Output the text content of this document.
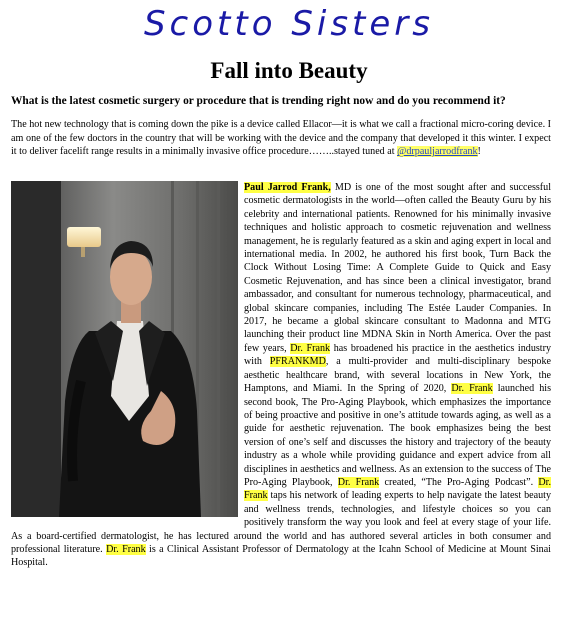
Scotto Sisters
Fall into Beauty
What is the latest cosmetic surgery or procedure that is trending right now and do you recommend it?
The hot new technology that is coming down the pike is a device called Ellacor—it is what we call a fractional micro-coring device. I am one of the few doctors in the country that will be working with the device and the company that developed it this winter. I expect it to deliver facelift range results in a minimally invasive office procedure……..stayed tuned at @drpauljarrodfrank!
Paul Jarrod Frank, MD is one of the most sought after and successful cosmetic dermatologists in the world—often called the Beauty Guru by his celebrity and international patients. Renowned for his minimally invasive techniques and holistic approach to cosmetic rejuvenation and wellness management, he is regularly featured as a skin and aging expert in local and international media. In 2002, he authored his first book, Turn Back the Clock Without Losing Time: A Complete Guide to Quick and Easy Cosmetic Rejuvenation, and has since been a clinical investigator, brand ambassador, and consultant for numerous technology, pharmaceutical, and global skincare companies, including The Estée Lauder Companies. In 2017, he became a global skincare consultant to Madonna and MTG launching their product line MDNA Skin in North America. Over the past few years, Dr. Frank has broadened his practice in the aesthetics industry with PFRANKMD, a multi-provider and multi-disciplinary bespoke aesthetic healthcare brand, with several locations in New York, the Hamptons, and Miami. In the Spring of 2020, Dr. Frank launched his second book, The Pro-Aging Playbook, which emphasizes the importance of being proactive and positive in one’s attitude towards aging, as well as a guide for aesthetic rejuvenation. The book emphasizes being the best version of one’s self and discusses the history and trajectory of the beauty industry as a whole while providing guidance and expert advice from all disciplines in aesthetics and wellness. As an extension to the success of The Pro-Aging Playbook, Dr. Frank created, “The Pro-Aging Podcast”. Dr. Frank taps his network of leading experts to help navigate the latest beauty and wellness trends, technologies, and lifestyle choices so you can positively transform the way you look and feel at every stage of your life. As a board-certified dermatologist, he has lectured around the world and has authored several articles in both consumer and professional literature. Dr. Frank is a Clinical Assistant Professor of Dermatology at the Icahn School of Medicine at Mount Sinai Hospital.
